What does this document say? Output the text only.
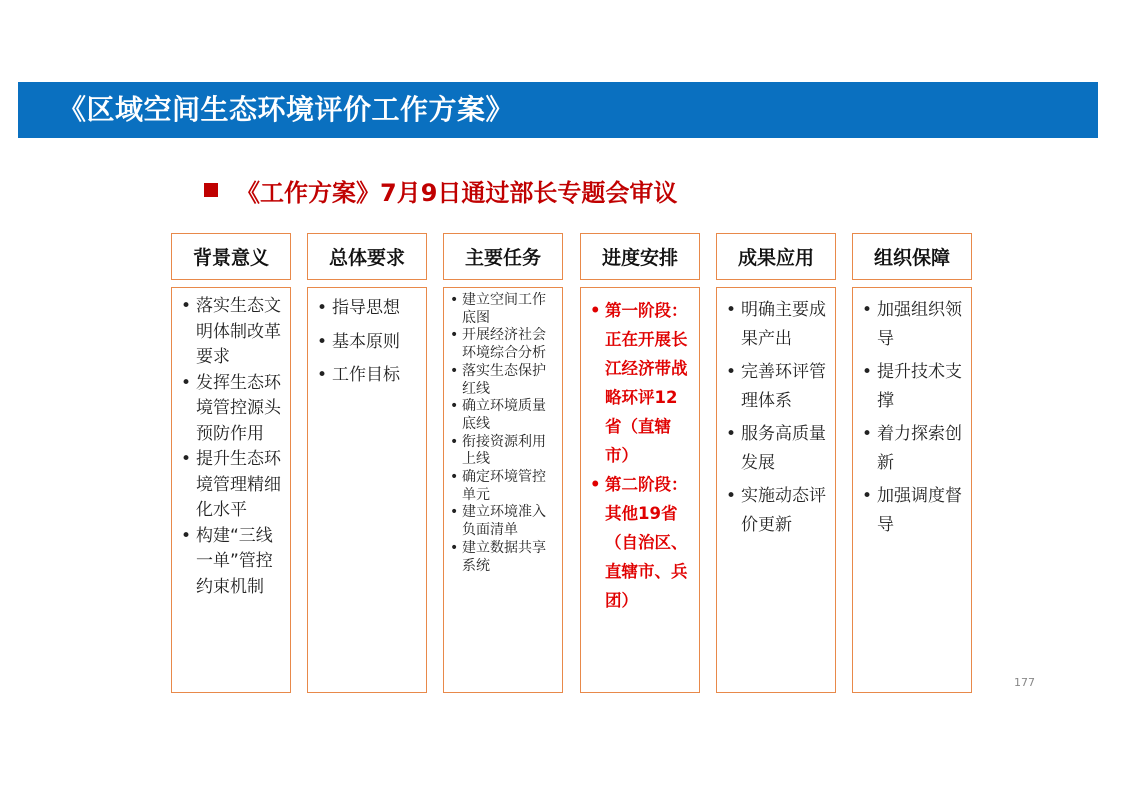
《区域空间生态环境评价工作方案》
《工作方案》7月9日通过部长专题会审议
背景意义
• 落实生态文明体制改革要求
• 发挥生态环境管控源头预防作用
• 提升生态环境管理精细化水平
• 构建“三线一单”管控约束机制
总体要求
• 指导思想
• 基本原则
• 工作目标
主要任务
• 建立空间工作底图
• 开展经济社会环境综合分析
• 落实生态保护红线
• 确立环境质量底线
• 衔接资源利用上线
• 确定环境管控单元
• 建立环境准入负面清单
• 建立数据共享系统
进度安排
• 第一阶段：正在开展长江经济带战略环评12省（直辖市）
• 第二阶段：其他19省（自治区、直辖市、兵团）
成果应用
• 明确主要成果产出
• 完善环评管理体系
• 服务高质量发展
• 实施动态评价更新
组织保障
• 加强组织领导
• 提升技术支撑
• 着力探索创新
• 加强调度督导
177
